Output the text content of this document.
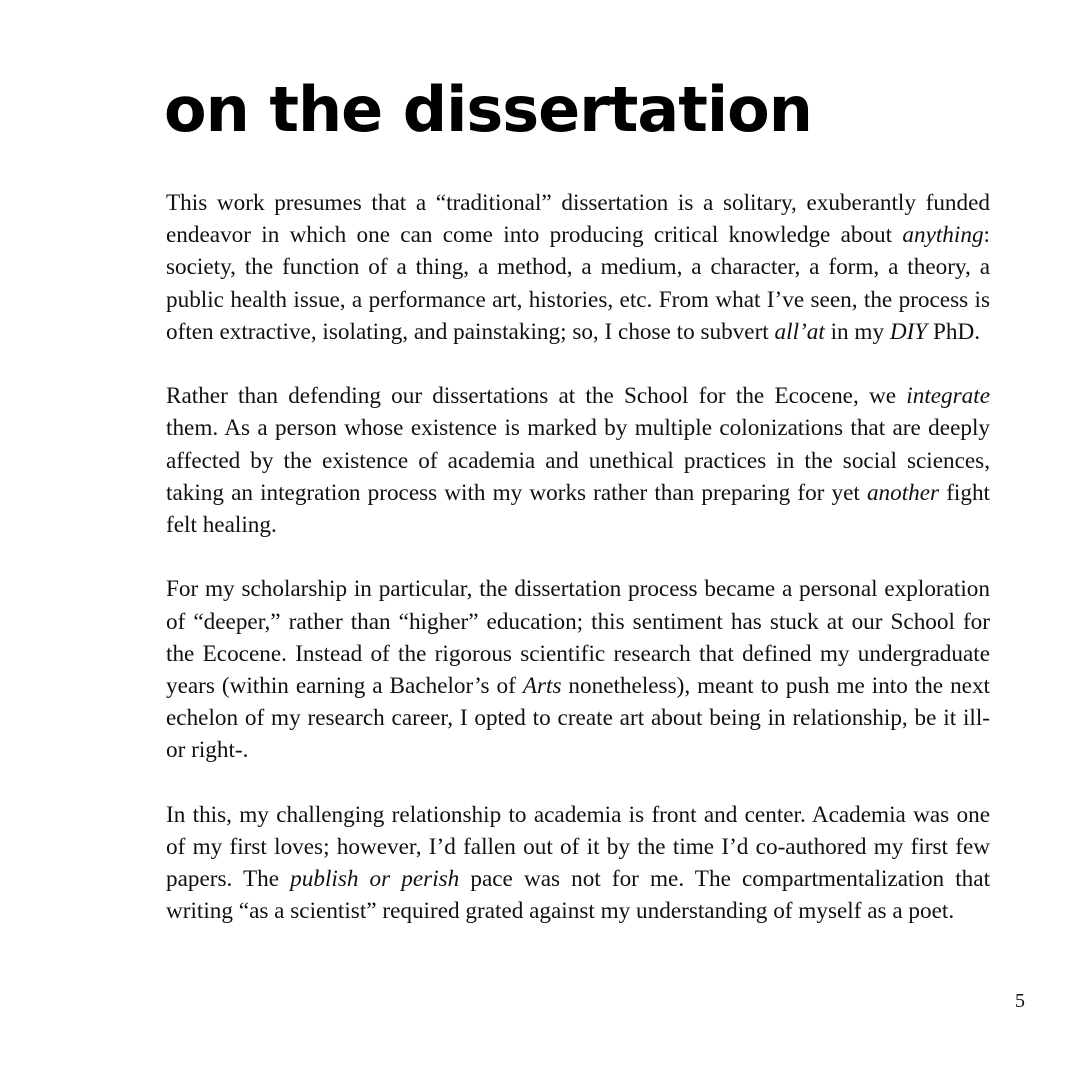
on the dissertation

This work presumes that a “traditional” dissertation is a solitary, exuberantly funded endeavor in which one can come into producing critical knowledge about anything: society, the function of a thing, a method, a medium, a character, a form, a theory, a public health issue, a performance art, histories, etc. From what I’ve seen, the process is often extractive, isolating, and painstaking; so, I chose to subvert all’at in my DIY PhD.

Rather than defending our dissertations at the School for the Ecocene, we integrate them. As a person whose existence is marked by multiple colonizations that are deeply affected by the existence of academia and unethical practices in the social sciences, taking an integration process with my works rather than preparing for yet another fight felt healing.

For my scholarship in particular, the dissertation process became a personal exploration of “deeper,” rather than “higher” education; this sentiment has stuck at our School for the Ecocene. Instead of the rigorous scientific research that defined my undergraduate years (within earning a Bachelor’s of Arts nonetheless), meant to push me into the next echelon of my research career, I opted to create art about being in relationship, be it ill- or right-.

In this, my challenging relationship to academia is front and center. Academia was one of my first loves; however, I’d fallen out of it by the time I’d co-authored my first few papers. The publish or perish pace was not for me. The compartmentalization that writing “as a scientist” required grated against my understanding of myself as a poet.

5
